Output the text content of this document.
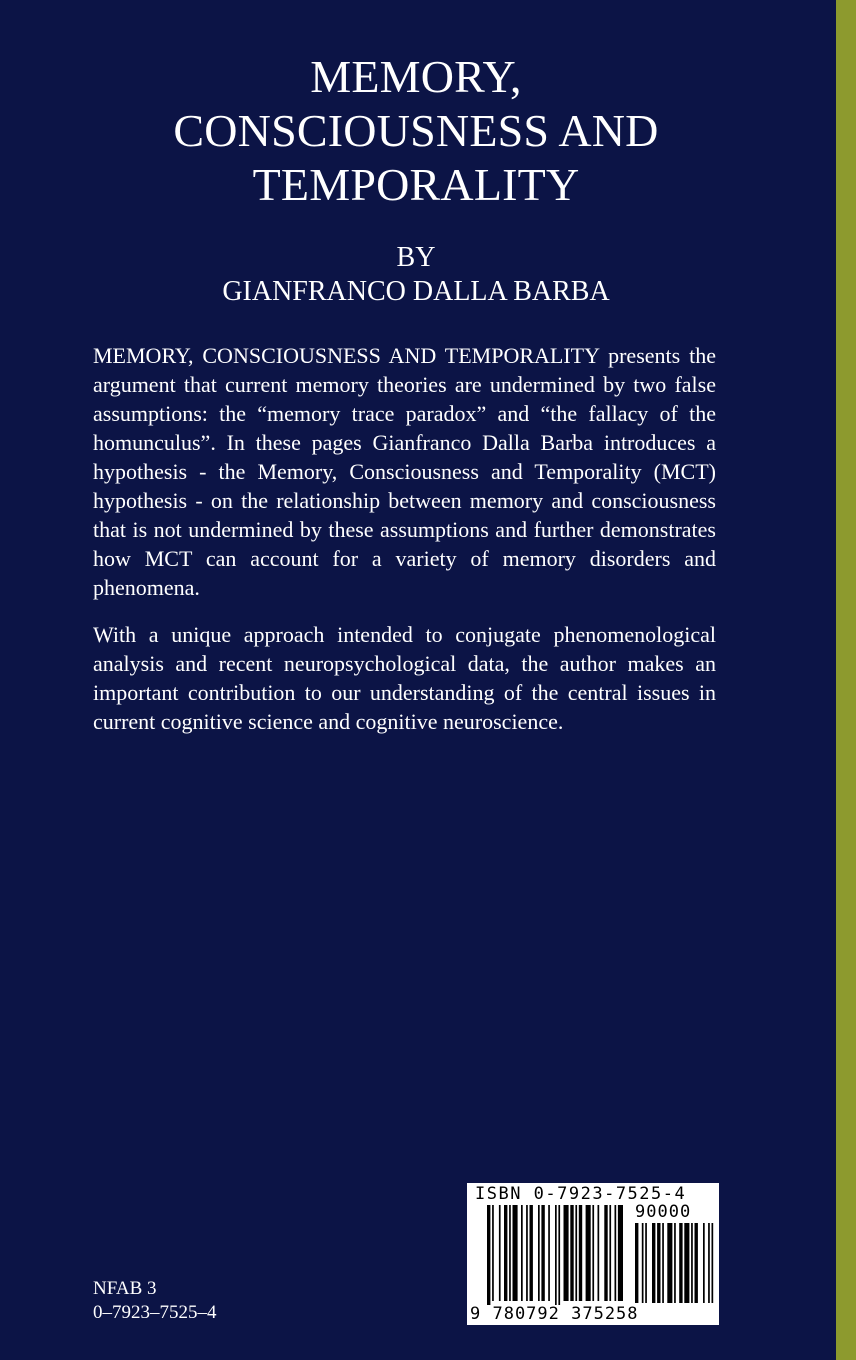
MEMORY,
CONSCIOUSNESS AND
TEMPORALITY
BY
GIANFRANCO DALLA BARBA
MEMORY, CONSCIOUSNESS AND TEMPORALITY presents the argument that current memory theories are undermined by two false assumptions: the “memory trace paradox” and “the fallacy of the homunculus”. In these pages Gianfranco Dalla Barba introduces a hypothesis - the Memory, Consciousness and Temporality (MCT) hypothesis - on the relationship between memory and consciousness that is not undermined by these assumptions and further demonstrates how MCT can account for a variety of memory disorders and phenomena.
With a unique approach intended to conjugate phenomenological analysis and recent neuropsychological data, the author makes an important contribution to our understanding of the central issues in current cognitive science and cognitive neuroscience.
NFAB 3
0–7923–7525–4
ISBN 0-7923-7525-4
90000
9 780792 375258
